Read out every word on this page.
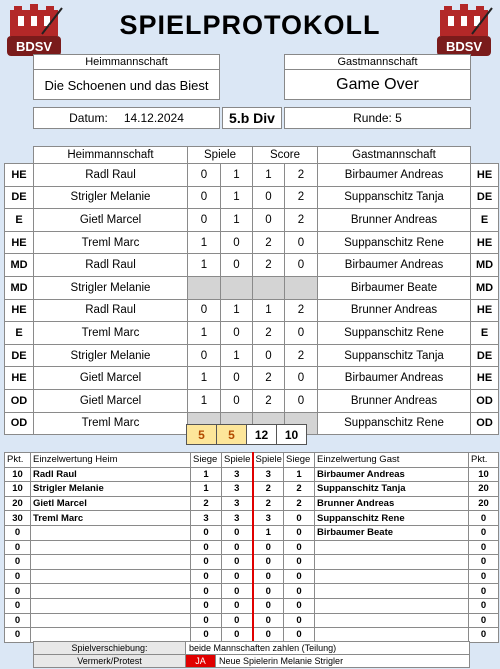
BDSV	BDSV
SPIELPROTOKOLL
Heimmannschaft
Die Schoenen und das Biest
Gastmannschaft
Game Over
Datum: 14.12.2024	5.b Div	Runde: 5
	Heimmannschaft	Spiele		Score		Gastmannschaft	
HE	Radl Raul	0	1	1	2	Birbaumer Andreas	HE
DE	Strigler Melanie	0	1	0	2	Suppanschitz Tanja	DE
E	Gietl Marcel	0	1	0	2	Brunner Andreas	E
HE	Treml Marc	1	0	2	0	Suppanschitz Rene	HE
MD	Radl Raul	1	0	2	0	Birbaumer Andreas	MD
MD	Strigler Melanie					Birbaumer Beate	MD
HE	Radl Raul	0	1	1	2	Brunner Andreas	HE
E	Treml Marc	1	0	2	0	Suppanschitz Rene	E
DE	Strigler Melanie	0	1	0	2	Suppanschitz Tanja	DE
HE	Gietl Marcel	1	0	2	0	Birbaumer Andreas	HE
OD	Gietl Marcel	1	0	2	0	Brunner Andreas	OD
OD	Treml Marc					Suppanschitz Rene	OD
5	5	12	10
Pkt.	Einzelwertung Heim	Siege	Spiele	Spiele	Siege	Einzelwertung Gast	Pkt.
10	Radl Raul	1	3	3	1	Birbaumer Andreas	10
10	Strigler Melanie	1	3	2	2	Suppanschitz Tanja	20
20	Gietl Marcel	2	3	2	2	Brunner Andreas	20
30	Treml Marc	3	3	3	0	Suppanschitz Rene	0
0		0	0	1	0	Birbaumer Beate	0
0		0	0	0	0		0
0		0	0	0	0		0
0		0	0	0	0		0
0		0	0	0	0		0
0		0	0	0	0		0
0		0	0	0	0		0
0		0	0	0	0		0
Spielverschiebung:	beide Mannschaften zahlen (Teilung)	
Vermerk/Protest	JA	Neue Spielerin Melanie Strigler
